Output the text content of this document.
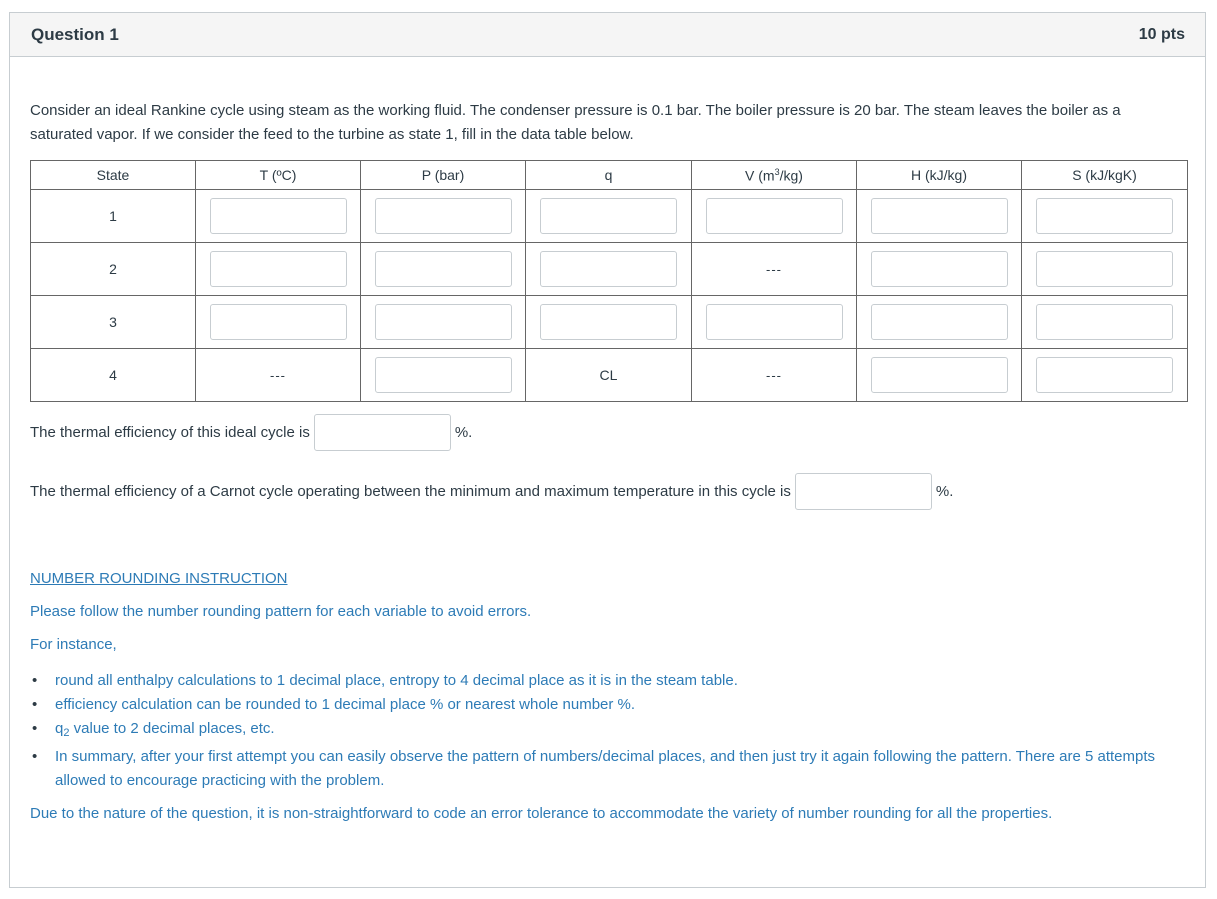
Question 1	10 pts
Consider an ideal Rankine cycle using steam as the working fluid. The condenser pressure is 0.1 bar. The boiler pressure is 20 bar. The steam leaves the boiler as a saturated vapor. If we consider the feed to the turbine as state 1, fill in the data table below.
State	T (ºC)	P (bar)	q	V $(m^3/kg)$	H (kJ/kg)	S (kJ/kgK)
1						
2				---		
3						
4	---		CL	---		
The thermal efficiency of this ideal cycle is	%.
The thermal efficiency of a Carnot cycle operating between the minimum and maximum temperature in this cycle is	%.
NUMBER ROUNDING INSTRUCTION
Please follow the number rounding pattern for each variable to avoid errors.
For instance,
• round all enthalpy calculations to 1 decimal place, entropy to 4 decimal place as it is in the steam table.
• efficiency calculation can be rounded to 1 decimal place % or nearest whole number %.
• $q_2$ value to 2 decimal places, etc.
• In summary, after your first attempt you can easily observe the pattern of numbers/decimal places, and then just try it again following the pattern. There are 5 attempts allowed to encourage practicing with the problem.
Due to the nature of the question, it is non-straightforward to code an error tolerance to accommodate the variety of number rounding for all the properties.
